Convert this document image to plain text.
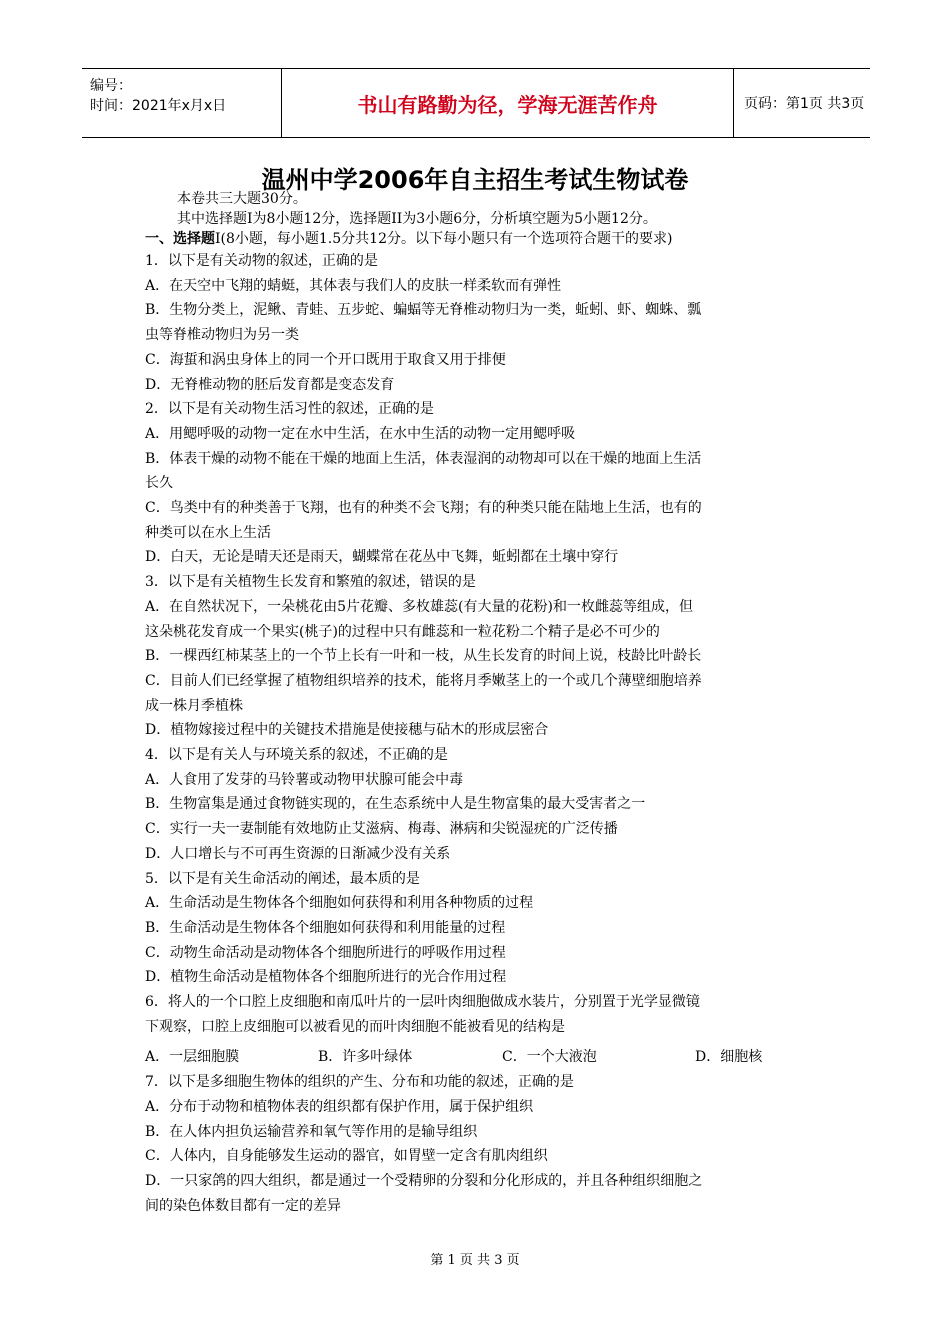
编号：
时间：2021年x月x日	书山有路勤为径，学海无涯苦作舟	页码：第1页 共3页
温州中学2006年自主招生考试生物试卷
本卷共三大题30分。
其中选择题Ⅰ为8小题12分，选择题II为3小题6分，分析填空题为5小题12分。
一、选择题Ⅰ(8小题，每小题1.5分共12分。以下每小题只有一个选项符合题干的要求)
1．以下是有关动物的叙述，正确的是
A．在天空中飞翔的蜻蜓，其体表与我们人的皮肤一样柔软而有弹性
B．生物分类上，泥鳅、青蛙、五步蛇、蝙蝠等无脊椎动物归为一类，蚯蚓、虾、蜘蛛、瓢
虫等脊椎动物归为另一类
C．海蜇和涡虫身体上的同一个开口既用于取食又用于排便
D．无脊椎动物的胚后发育都是变态发育
2．以下是有关动物生活习性的叙述，正确的是
A．用鳃呼吸的动物一定在水中生活，在水中生活的动物一定用鳃呼吸
B．体表干燥的动物不能在干燥的地面上生活，体表湿润的动物却可以在干燥的地面上生活
长久
C．鸟类中有的种类善于飞翔，也有的种类不会飞翔；有的种类只能在陆地上生活，也有的
种类可以在水上生活
D．白天，无论是晴天还是雨天，蝴蝶常在花丛中飞舞，蚯蚓都在土壤中穿行
3．以下是有关植物生长发育和繁殖的叙述，错误的是
A．在自然状况下，一朵桃花由5片花瓣、多枚雄蕊(有大量的花粉)和一枚雌蕊等组成，但
这朵桃花发育成一个果实(桃子)的过程中只有雌蕊和一粒花粉二个精子是必不可少的
B．一棵西红柿某茎上的一个节上长有一叶和一枝，从生长发育的时间上说，枝龄比叶龄长
C．目前人们已经掌握了植物组织培养的技术，能将月季嫩茎上的一个或几个薄壁细胞培养
成一株月季植株
D．植物嫁接过程中的关键技术措施是使接穗与砧木的形成层密合
4．以下是有关人与环境关系的叙述，不正确的是
A．人食用了发芽的马铃薯或动物甲状腺可能会中毒
B．生物富集是通过食物链实现的，在生态系统中人是生物富集的最大受害者之一
C．实行一夫一妻制能有效地防止艾滋病、梅毒、淋病和尖锐湿疣的广泛传播
D．人口增长与不可再生资源的日渐减少没有关系
5．以下是有关生命活动的阐述，最本质的是
A．生命活动是生物体各个细胞如何获得和利用各种物质的过程
B．生命活动是生物体各个细胞如何获得和利用能量的过程
C．动物生命活动是动物体各个细胞所进行的呼吸作用过程
D．植物生命活动是植物体各个细胞所进行的光合作用过程
6．将人的一个口腔上皮细胞和南瓜叶片的一层叶肉细胞做成水装片，分别置于光学显微镜
下观察，口腔上皮细胞可以被看见的而叶肉细胞不能被看见的结构是
A．一层细胞膜	B．许多叶绿体	C．一个大液泡	D．细胞核
7．以下是多细胞生物体的组织的产生、分布和功能的叙述，正确的是
A．分布于动物和植物体表的组织都有保护作用，属于保护组织
B．在人体内担负运输营养和氧气等作用的是输导组织
C．人体内，自身能够发生运动的器官，如胃壁一定含有肌肉组织
D．一只家鸽的四大组织，都是通过一个受精卵的分裂和分化形成的，并且各种组织细胞之
间的染色体数目都有一定的差异
第 1 页 共 3 页
